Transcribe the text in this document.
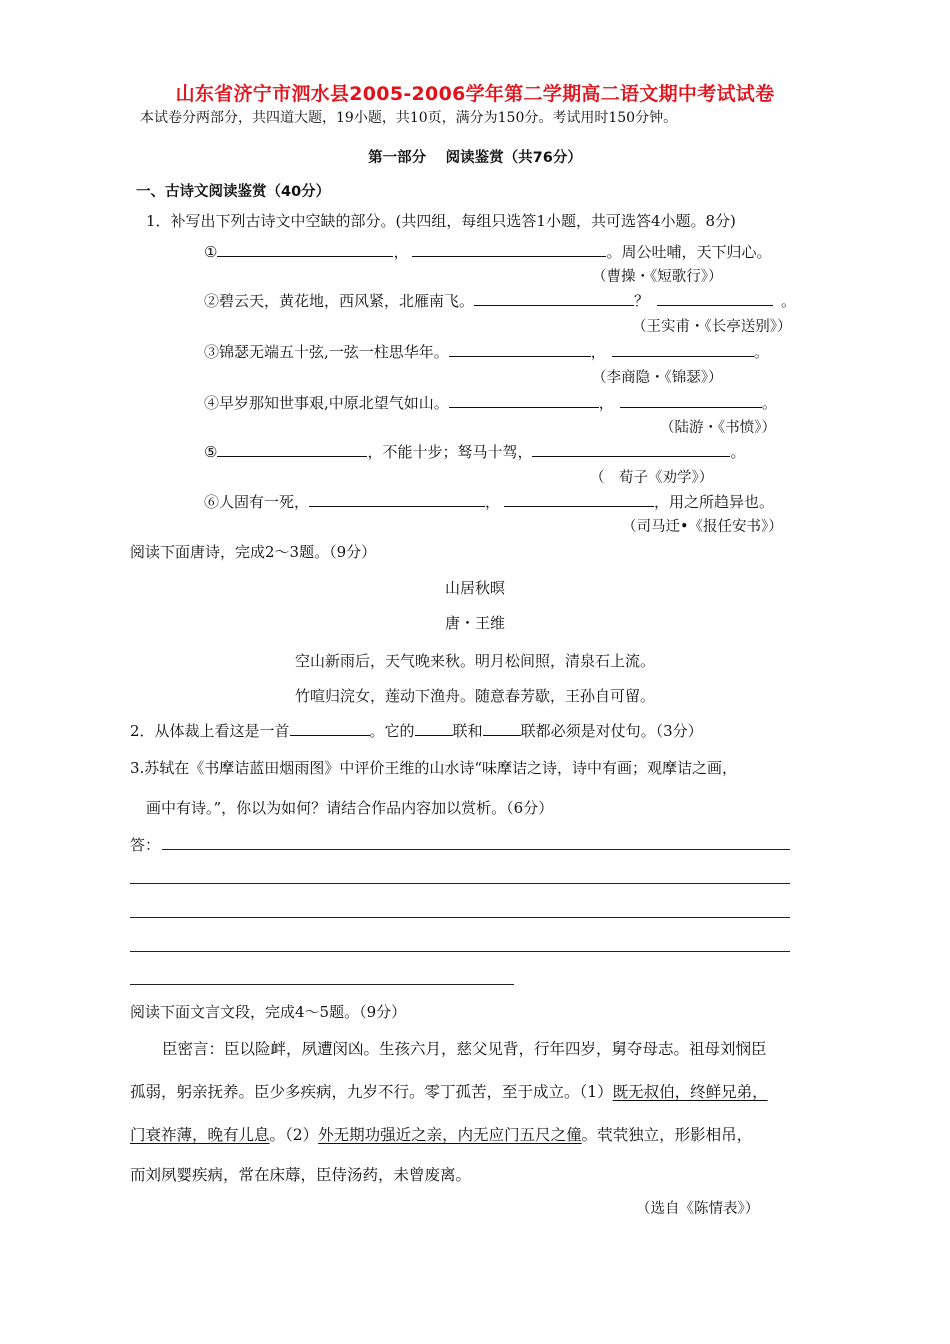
山东省济宁市泗水县2005-2006学年第二学期高二语文期中考试试卷
本试卷分两部分，共四道大题，19小题，共10页，满分为150分。考试用时150分钟。
第一部分　 阅读鉴赏（共76分）
一、古诗文阅读鉴赏（40分）
1．补写出下列古诗文中空缺的部分。(共四组，每组只选答1小题，共可选答4小题。8分)
①	，	。周公吐哺，天下归心。
（曹操・《短歌行》）
②碧云天，黄花地，西风紧，北雁南飞。	？	。
（王实甫・《长亭送别》）
③锦瑟无端五十弦,一弦一柱思华年。	，	。
（李商隐・《锦瑟》）
④早岁那知世事艰,中原北望气如山。	，	。
（陆游・《书愤》）
⑤	，不能十步；驽马十驾，	。
（　荀子《劝学》）
⑥人固有一死，	，	，用之所趋异也。
（司马迁•《报任安书》）
阅读下面唐诗，完成2～3题。（9分）
山居秋暝
唐・王维
空山新雨后，天气晚来秋。明月松间照，清泉石上流。
竹喧归浣女，莲动下渔舟。随意春芳歇，王孙自可留。
2．从体裁上看这是一首	。它的	联和	联都必须是对仗句。（3分）
3.苏轼在《书摩诘蓝田烟雨图》中评价王维的山水诗“味摩诘之诗，诗中有画；观摩诘之画，
画中有诗。”，你以为如何？请结合作品内容加以赏析。（6分）
答：
阅读下面文言文段，完成4～5题。（9分）
臣密言：臣以险衅，夙遭闵凶。生孩六月，慈父见背，行年四岁，舅夺母志。祖母刘悯臣
孤弱，躬亲抚养。臣少多疾病，九岁不行。零丁孤苦，至于成立。（1）既无叔伯，终鲜兄弟，
门衰祚薄，晚有儿息。（2）外无期功强近之亲，内无应门五尺之僮。茕茕独立，形影相吊，
而刘夙婴疾病，常在床蓐，臣侍汤药，未曾废离。
（选自《陈情表》）
